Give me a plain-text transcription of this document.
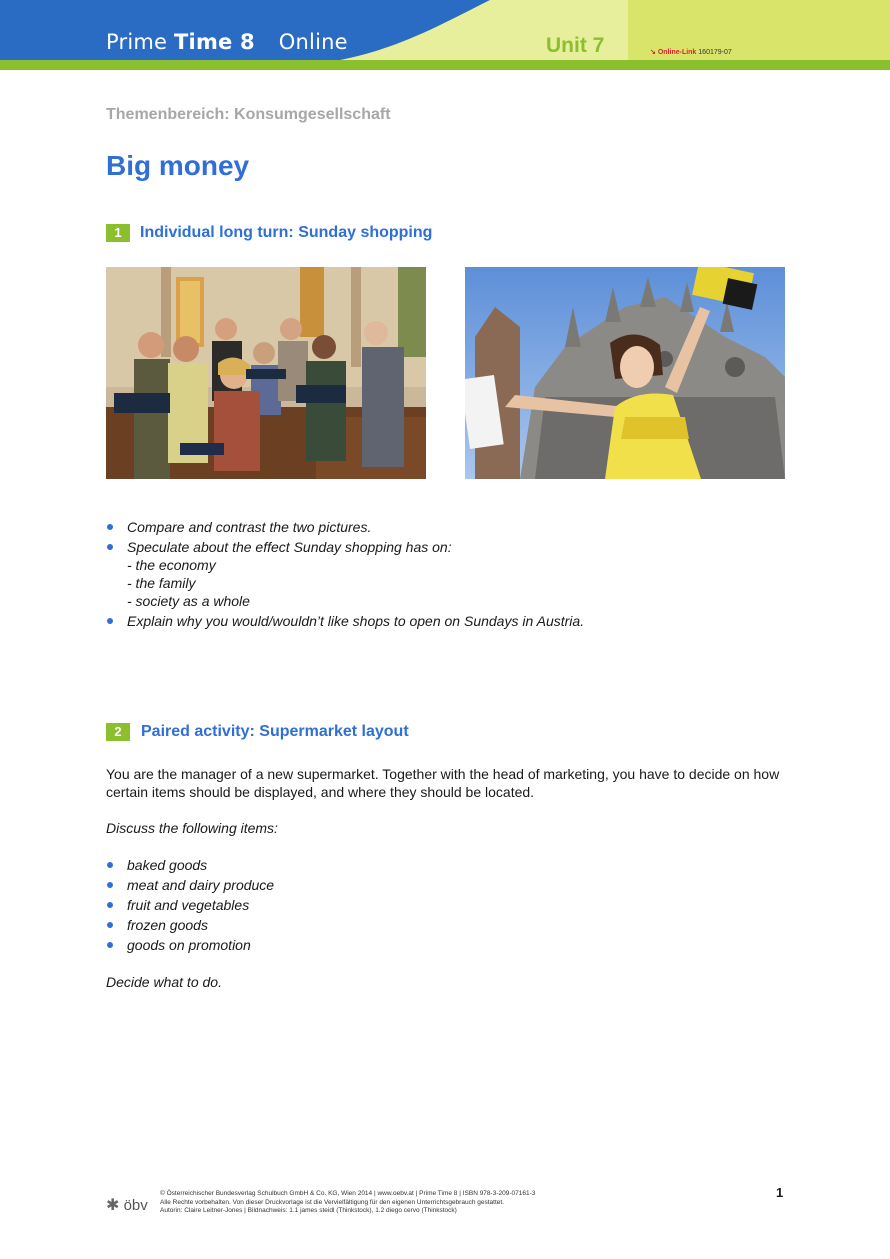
Prime Time 8 Online	Unit 7	↘ Online-Link 160179-07
Themenbereich: Konsumgesellschaft
Big money
1	Individual long turn: Sunday shopping
Compare and contrast the two pictures.
Speculate about the effect Sunday shopping has on:
- the economy
- the family
- society as a whole
Explain why you would/wouldn’t like shops to open on Sundays in Austria.
2	Paired activity: Supermarket layout
You are the manager of a new supermarket. Together with the head of marketing, you have to decide on how certain items should be displayed, and where they should be located.
Discuss the following items:
baked goods
meat and dairy produce
fruit and vegetables
frozen goods
goods on promotion
Decide what to do.
✱ öbv
© Österreichischer Bundesverlag Schulbuch GmbH & Co. KG, Wien 2014 | www.oebv.at | Prime Time 8 | ISBN 978-3-209-07161-3
Alle Rechte vorbehalten. Von dieser Druckvorlage ist die Vervielfältigung für den eigenen Unterrichtsgebrauch gestattet.
Autorin: Claire Leitner-Jones | Bildnachweis: 1.1 james steidl (Thinkstock), 1.2 diego cervo (Thinkstock)
1
